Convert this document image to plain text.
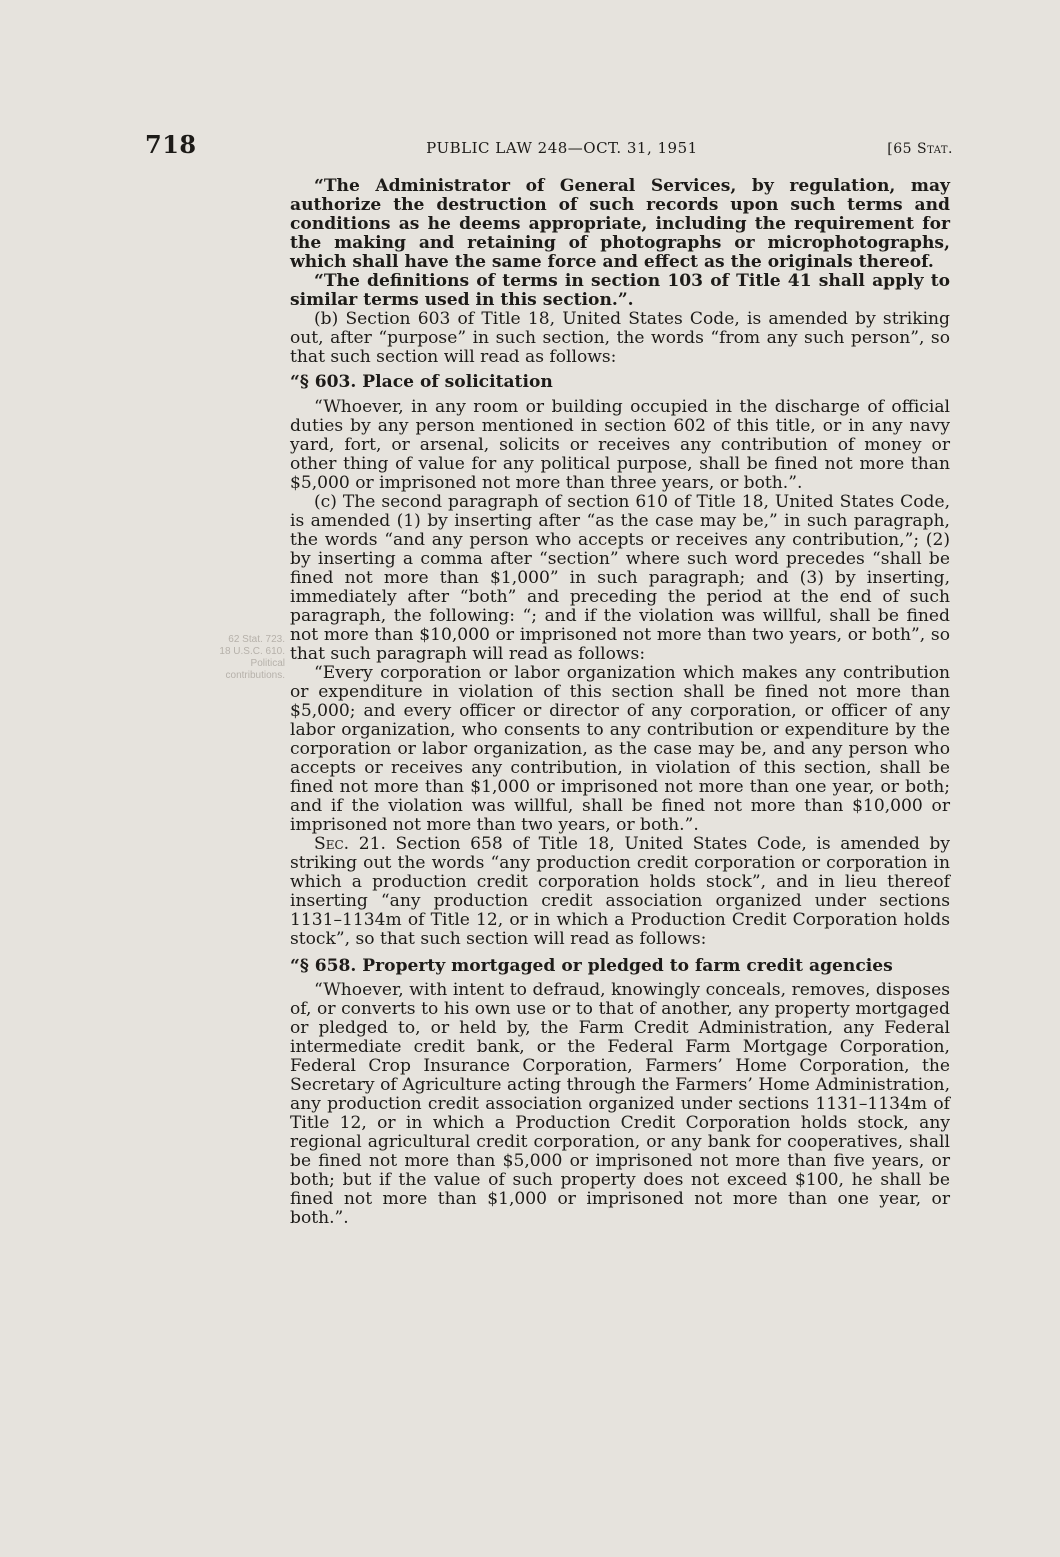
718	PUBLIC LAW 248—OCT. 31, 1951	[65 Stat.
62 Stat. 723.
18 U.S.C. 610.
Political
contributions.

“The Administrator of General Services, by regulation, may authorize the destruction of such records upon such terms and conditions as he deems appropriate, including the requirement for the making and retaining of photographs or microphotographs, which shall have the same force and effect as the originals thereof.

“The definitions of terms in section 103 of Title 41 shall apply to similar terms used in this section.”.

(b) Section 603 of Title 18, United States Code, is amended by striking out, after “purpose” in such section, the words “from any such person”, so that such section will read as follows:

“§ 603. Place of solicitation

“Whoever, in any room or building occupied in the discharge of official duties by any person mentioned in section 602 of this title, or in any navy yard, fort, or arsenal, solicits or receives any contribution of money or other thing of value for any political purpose, shall be fined not more than $5,000 or imprisoned not more than three years, or both.”.

(c) The second paragraph of section 610 of Title 18, United States Code, is amended (1) by inserting after “as the case may be,” in such paragraph, the words “and any person who accepts or receives any contribution,”; (2) by inserting a comma after “section” where such word precedes “shall be fined not more than $1,000” in such paragraph; and (3) by inserting, immediately after “both” and preceding the period at the end of such paragraph, the following: “; and if the violation was willful, shall be fined not more than $10,000 or imprisoned not more than two years, or both”, so that such paragraph will read as follows:

“Every corporation or labor organization which makes any contribution or expenditure in violation of this section shall be fined not more than $5,000; and every officer or director of any corporation, or officer of any labor organization, who consents to any contribution or expenditure by the corporation or labor organization, as the case may be, and any person who accepts or receives any contribution, in violation of this section, shall be fined not more than $1,000 or imprisoned not more than one year, or both; and if the violation was willful, shall be fined not more than $10,000 or imprisoned not more than two years, or both.”.

Sec. 21. Section 658 of Title 18, United States Code, is amended by striking out the words “any production credit corporation or corporation in which a production credit corporation holds stock”, and in lieu thereof inserting “any production credit association organized under sections 1131–1134m of Title 12, or in which a Production Credit Corporation holds stock”, so that such section will read as follows:

“§ 658. Property mortgaged or pledged to farm credit agencies

“Whoever, with intent to defraud, knowingly conceals, removes, disposes of, or converts to his own use or to that of another, any property mortgaged or pledged to, or held by, the Farm Credit Administration, any Federal intermediate credit bank, or the Federal Farm Mortgage Corporation, Federal Crop Insurance Corporation, Farmers’ Home Corporation, the Secretary of Agriculture acting through the Farmers’ Home Administration, any production credit association organized under sections 1131–1134m of Title 12, or in which a Production Credit Corporation holds stock, any regional agricultural credit corporation, or any bank for cooperatives, shall be fined not more than $5,000 or imprisoned not more than five years, or both; but if the value of such property does not exceed $100, he shall be fined not more than $1,000 or imprisoned not more than one year, or both.”.
